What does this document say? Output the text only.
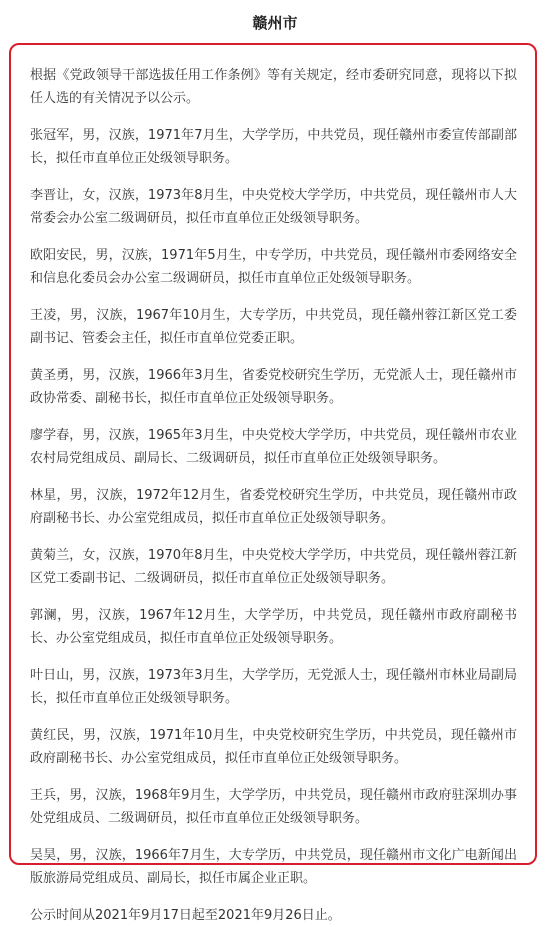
赣州市

根据《党政领导干部选拔任用工作条例》等有关规定，经市委研究同意，现将以下拟任人选的有关情况予以公示。

张冠军，男，汉族，1971年7月生，大学学历，中共党员，现任赣州市委宣传部副部长，拟任市直单位正处级领导职务。

李晋让，女，汉族，1973年8月生，中央党校大学学历，中共党员，现任赣州市人大常委会办公室二级调研员，拟任市直单位正处级领导职务。

欧阳安民，男，汉族，1971年5月生，中专学历，中共党员，现任赣州市委网络安全和信息化委员会办公室二级调研员，拟任市直单位正处级领导职务。

王凌，男，汉族，1967年10月生，大专学历，中共党员，现任赣州蓉江新区党工委副书记、管委会主任，拟任市直单位党委正职。

黄圣勇，男，汉族，1966年3月生，省委党校研究生学历，无党派人士，现任赣州市政协常委、副秘书长，拟任市直单位正处级领导职务。

廖学春，男，汉族，1965年3月生，中央党校大学学历，中共党员，现任赣州市农业农村局党组成员、副局长、二级调研员，拟任市直单位正处级领导职务。

林星，男，汉族，1972年12月生，省委党校研究生学历，中共党员，现任赣州市政府副秘书长、办公室党组成员，拟任市直单位正处级领导职务。

黄菊兰，女，汉族，1970年8月生，中央党校大学学历，中共党员，现任赣州蓉江新区党工委副书记、二级调研员，拟任市直单位正处级领导职务。

郭澜，男，汉族，1967年12月生，大学学历，中共党员，现任赣州市政府副秘书长、办公室党组成员，拟任市直单位正处级领导职务。

叶日山，男，汉族，1973年3月生，大学学历，无党派人士，现任赣州市林业局副局长，拟任市直单位正处级领导职务。

黄红民，男，汉族，1971年10月生，中央党校研究生学历，中共党员，现任赣州市政府副秘书长、办公室党组成员，拟任市直单位正处级领导职务。

王兵，男，汉族，1968年9月生，大学学历，中共党员，现任赣州市政府驻深圳办事处党组成员、二级调研员，拟任市直单位正处级领导职务。

吴昊，男，汉族，1966年7月生，大专学历，中共党员，现任赣州市文化广电新闻出版旅游局党组成员、副局长，拟任市属企业正职。

公示时间从2021年9月17日起至2021年9月26日止。
